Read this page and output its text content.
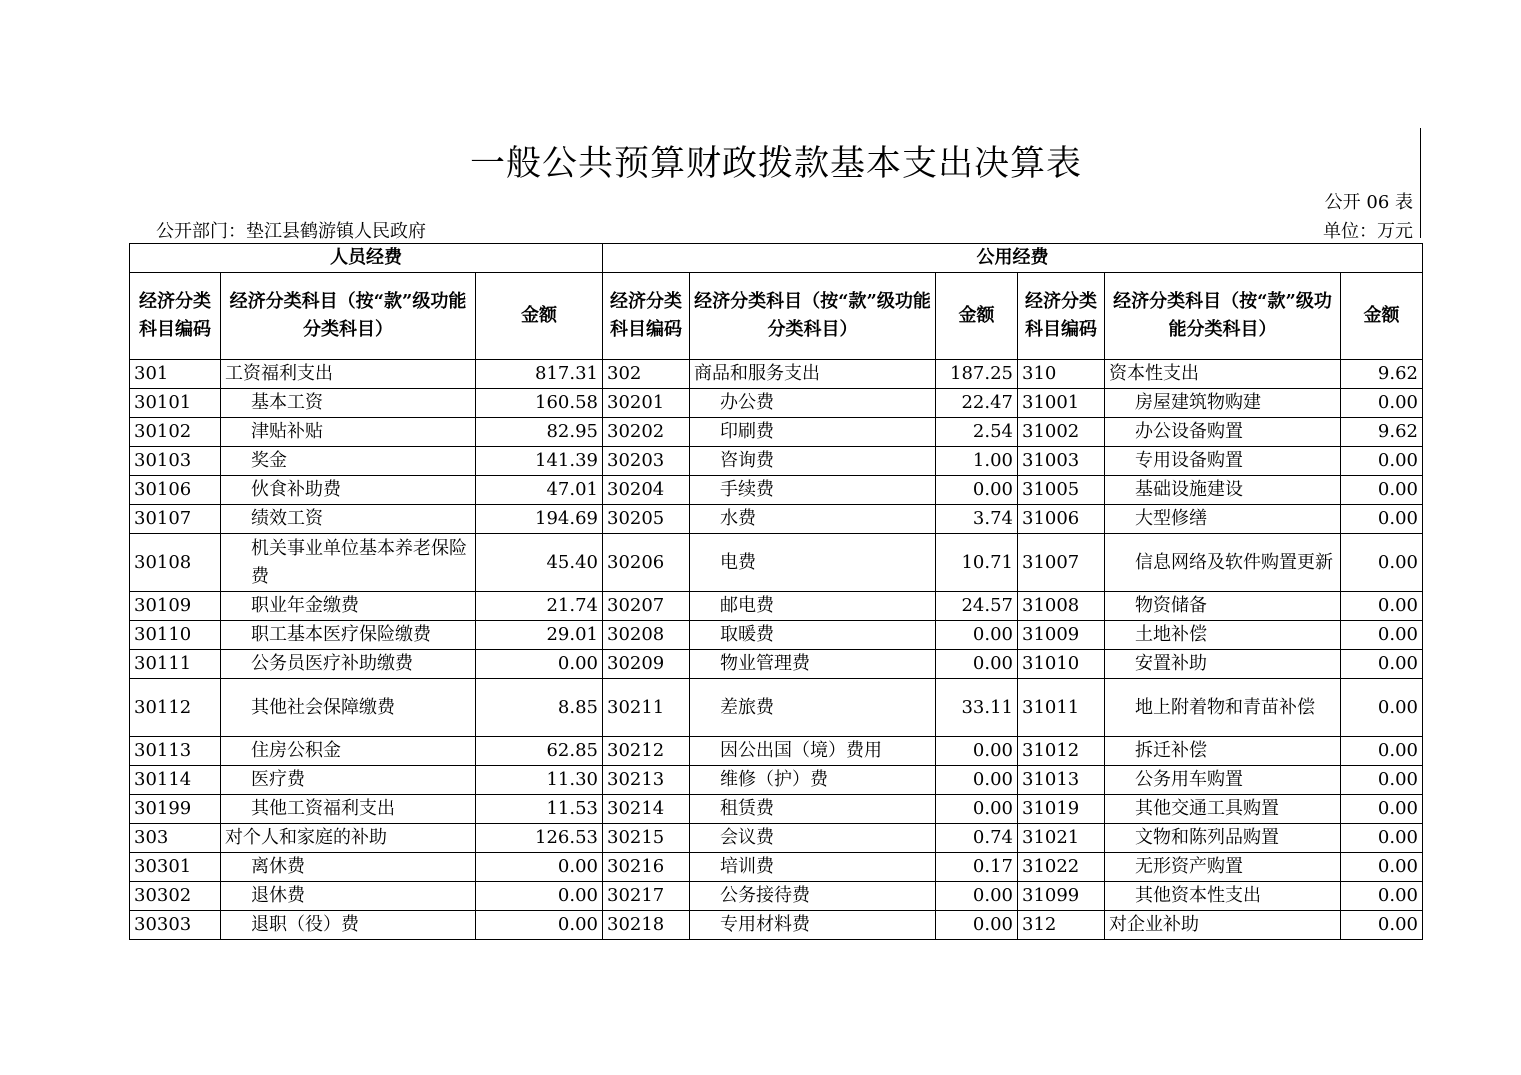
一般公共预算财政拨款基本支出决算表
公开 06 表
公开部门：垫江县鹤游镇人民政府	单位：万元
人员经费			公用经费					
经济分类科目编码	经济分类科目（按“款”级功能分类科目）	金额	经济分类科目编码	经济分类科目（按“款”级功能分类科目）	金额	经济分类科目编码	经济分类科目（按“款”级功能分类科目）	金额
301	工资福利支出	817.31	302	商品和服务支出	187.25	310	资本性支出	9.62
30101	基本工资	160.58	30201	办公费	22.47	31001	房屋建筑物购建	0.00
30102	津贴补贴	82.95	30202	印刷费	2.54	31002	办公设备购置	9.62
30103	奖金	141.39	30203	咨询费	1.00	31003	专用设备购置	0.00
30106	伙食补助费	47.01	30204	手续费	0.00	31005	基础设施建设	0.00
30107	绩效工资	194.69	30205	水费	3.74	31006	大型修缮	0.00
30108	机关事业单位基本养老保险费	45.40	30206	电费	10.71	31007	信息网络及软件购置更新	0.00
30109	职业年金缴费	21.74	30207	邮电费	24.57	31008	物资储备	0.00
30110	职工基本医疗保险缴费	29.01	30208	取暖费	0.00	31009	土地补偿	0.00
30111	公务员医疗补助缴费	0.00	30209	物业管理费	0.00	31010	安置补助	0.00
30112	其他社会保障缴费	8.85	30211	差旅费	33.11	31011	地上附着物和青苗补偿	0.00
30113	住房公积金	62.85	30212	因公出国（境）费用	0.00	31012	拆迁补偿	0.00
30114	医疗费	11.30	30213	维修（护）费	0.00	31013	公务用车购置	0.00
30199	其他工资福利支出	11.53	30214	租赁费	0.00	31019	其他交通工具购置	0.00
303	对个人和家庭的补助	126.53	30215	会议费	0.74	31021	文物和陈列品购置	0.00
30301	离休费	0.00	30216	培训费	0.17	31022	无形资产购置	0.00
30302	退休费	0.00	30217	公务接待费	0.00	31099	其他资本性支出	0.00
30303	退职（役）费	0.00	30218	专用材料费	0.00	312	对企业补助	0.00
